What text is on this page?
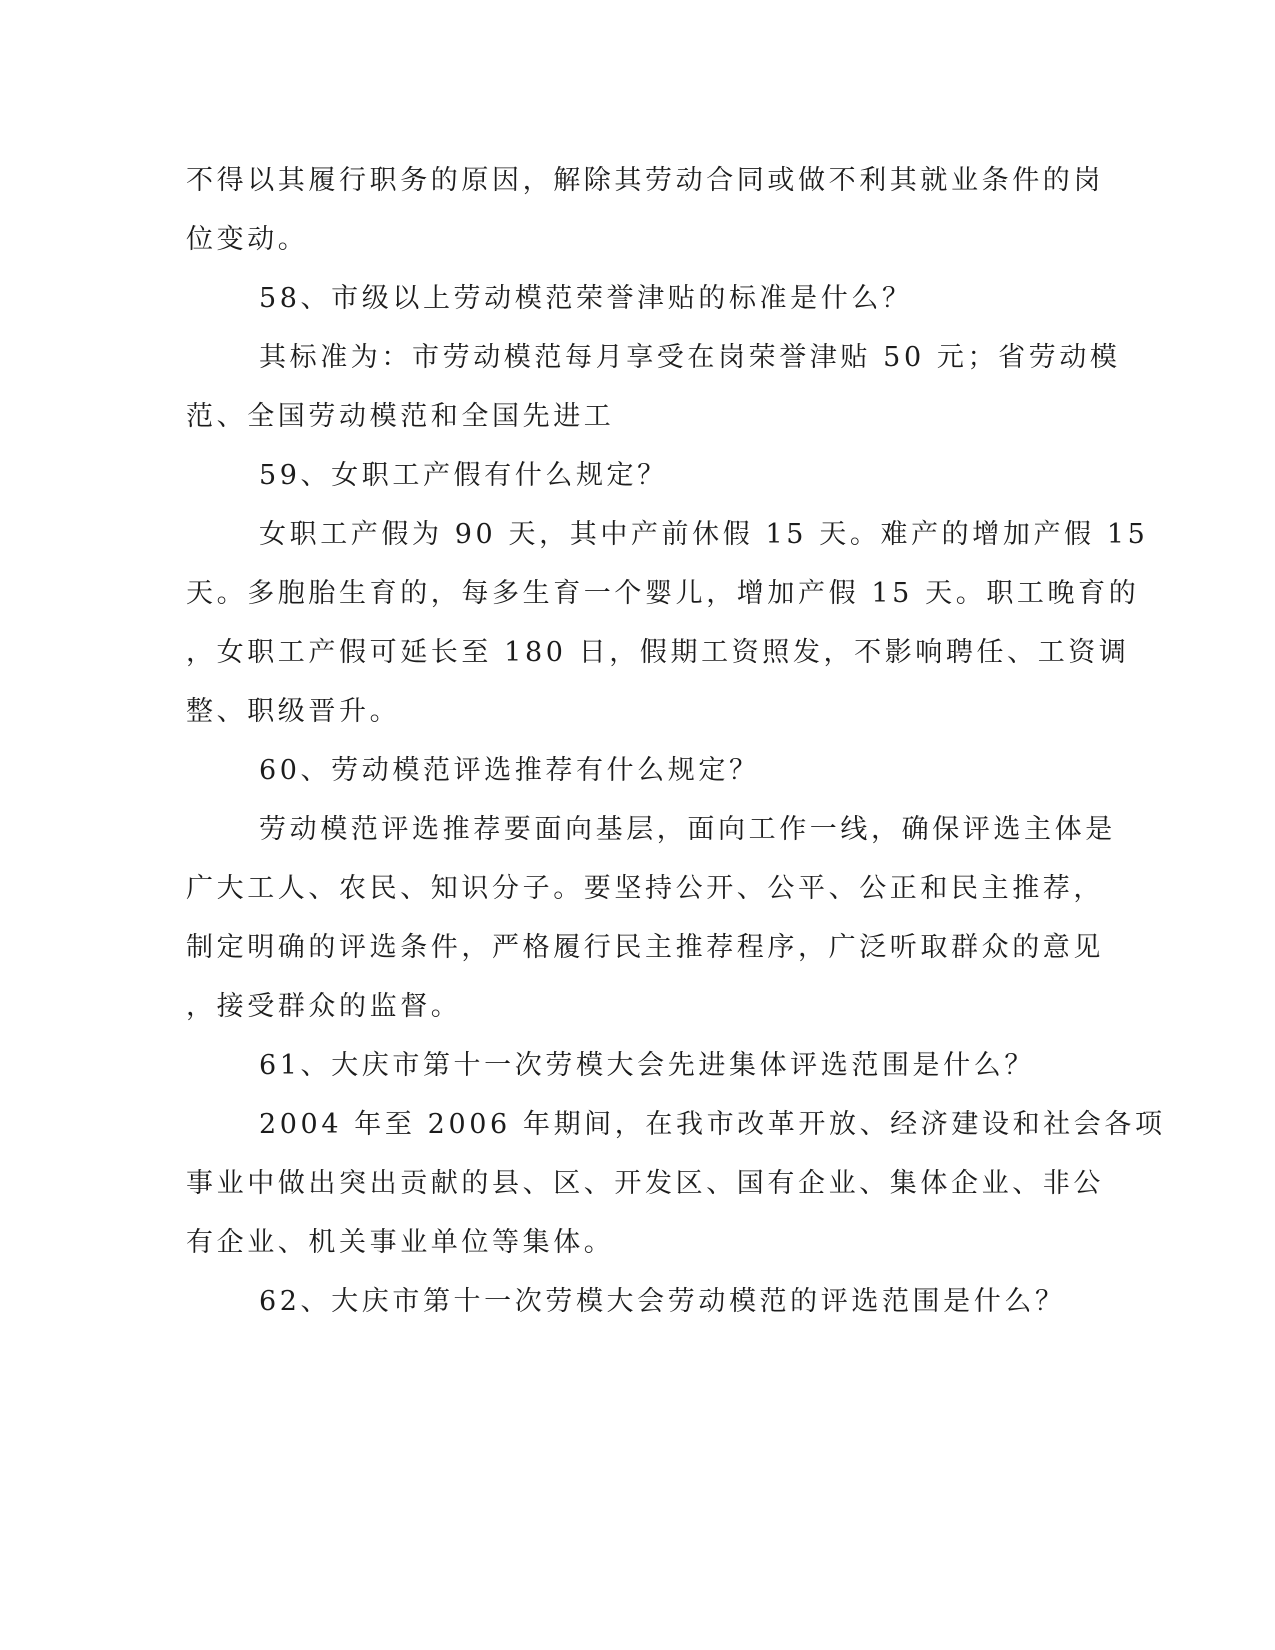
不得以其履行职务的原因，解除其劳动合同或做不利其就业条件的岗
位变动。
58、市级以上劳动模范荣誉津贴的标准是什么？
其标准为：市劳动模范每月享受在岗荣誉津贴 50 元；省劳动模
范、全国劳动模范和全国先进工
59、女职工产假有什么规定？
女职工产假为 90 天，其中产前休假 15 天。难产的增加产假 15
天。多胞胎生育的，每多生育一个婴儿，增加产假 15 天。职工晚育的
，女职工产假可延长至 180 日，假期工资照发，不影响聘任、工资调
整、职级晋升。
60、劳动模范评选推荐有什么规定？
劳动模范评选推荐要面向基层，面向工作一线，确保评选主体是
广大工人、农民、知识分子。要坚持公开、公平、公正和民主推荐，
制定明确的评选条件，严格履行民主推荐程序，广泛听取群众的意见
，接受群众的监督。
61、大庆市第十一次劳模大会先进集体评选范围是什么？
2004 年至 2006 年期间，在我市改革开放、经济建设和社会各项
事业中做出突出贡献的县、区、开发区、国有企业、集体企业、非公
有企业、机关事业单位等集体。
62、大庆市第十一次劳模大会劳动模范的评选范围是什么？
